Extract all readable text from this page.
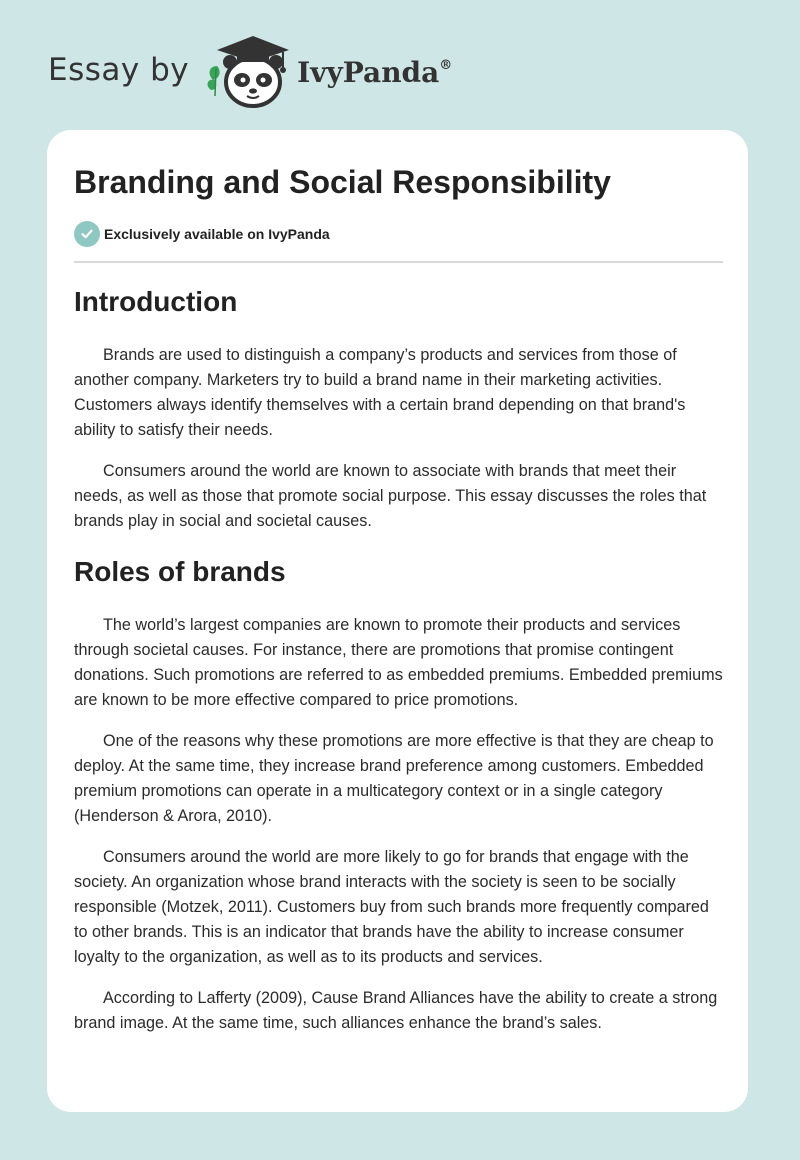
Essay by	IvyPanda®
Branding and Social Responsibility
Exclusively available on IvyPanda
Introduction

Brands are used to distinguish a company’s products and services from those of another company. Marketers try to build a brand name in their marketing activities. Customers always identify themselves with a certain brand depending on that brand's ability to satisfy their needs.

Consumers around the world are known to associate with brands that meet their needs, as well as those that promote social purpose. This essay discusses the roles that brands play in social and societal causes.

Roles of brands

The world’s largest companies are known to promote their products and services through societal causes. For instance, there are promotions that promise contingent donations. Such promotions are referred to as embedded premiums. Embedded premiums are known to be more effective compared to price promotions.

One of the reasons why these promotions are more effective is that they are cheap to deploy. At the same time, they increase brand preference among customers. Embedded premium promotions can operate in a multicategory context or in a single category (Henderson & Arora, 2010).

Consumers around the world are more likely to go for brands that engage with the society. An organization whose brand interacts with the society is seen to be socially responsible (Motzek, 2011). Customers buy from such brands more frequently compared to other brands. This is an indicator that brands have the ability to increase consumer loyalty to the organization, as well as to its products and services.

According to Lafferty (2009), Cause Brand Alliances have the ability to create a strong brand image. At the same time, such alliances enhance the brand’s sales.
